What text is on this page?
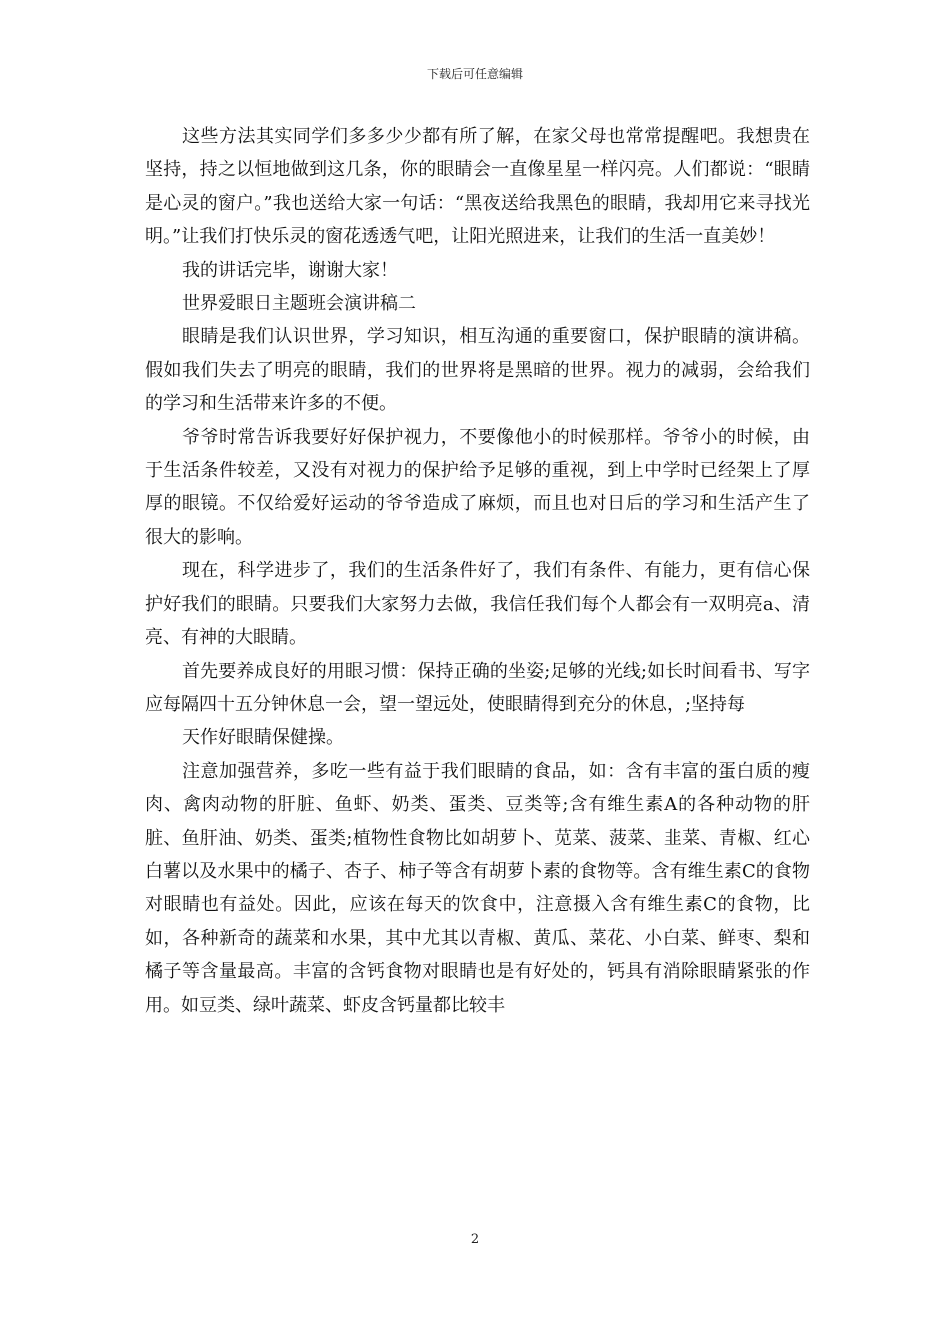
下载后可任意编辑

这些方法其实同学们多多少少都有所了解，在家父母也常常提醒吧。我想贵在坚持，持之以恒地做到这几条，你的眼睛会一直像星星一样闪亮。人们都说：“眼睛是心灵的窗户。”我也送给大家一句话：“黑夜送给我黑色的眼睛，我却用它来寻找光明。”让我们打快乐灵的窗花透透气吧，让阳光照进来，让我们的生活一直美妙！

我的讲话完毕，谢谢大家！

世界爱眼日主题班会演讲稿二

眼睛是我们认识世界，学习知识，相互沟通的重要窗口，保护眼睛的演讲稿。假如我们失去了明亮的眼睛，我们的世界将是黑暗的世界。视力的减弱，会给我们的学习和生活带来许多的不便。

爷爷时常告诉我要好好保护视力，不要像他小的时候那样。爷爷小的时候，由于生活条件较差，又没有对视力的保护给予足够的重视，到上中学时已经架上了厚厚的眼镜。不仅给爱好运动的爷爷造成了麻烦，而且也对日后的学习和生活产生了很大的影响。

现在，科学进步了，我们的生活条件好了，我们有条件、有能力，更有信心保护好我们的眼睛。只要我们大家努力去做，我信任我们每个人都会有一双明亮a、清亮、有神的大眼睛。

首先要养成良好的用眼习惯：保持正确的坐姿;足够的光线;如长时间看书、写字应每隔四十五分钟休息一会，望一望远处，使眼睛得到充分的休息，;坚持每

天作好眼睛保健操。

注意加强营养，多吃一些有益于我们眼睛的食品，如：含有丰富的蛋白质的瘦肉、禽肉动物的肝脏、鱼虾、奶类、蛋类、豆类等;含有维生素A的各种动物的肝脏、鱼肝油、奶类、蛋类;植物性食物比如胡萝卜、苋菜、菠菜、韭菜、青椒、红心白薯以及水果中的橘子、杏子、柿子等含有胡萝卜素的食物等。含有维生素C的食物对眼睛也有益处。因此，应该在每天的饮食中，注意摄入含有维生素C的食物，比如，各种新奇的蔬菜和水果，其中尤其以青椒、黄瓜、菜花、小白菜、鲜枣、梨和橘子等含量最高。丰富的含钙食物对眼睛也是有好处的，钙具有消除眼睛紧张的作用。如豆类、绿叶蔬菜、虾皮含钙量都比较丰

2
